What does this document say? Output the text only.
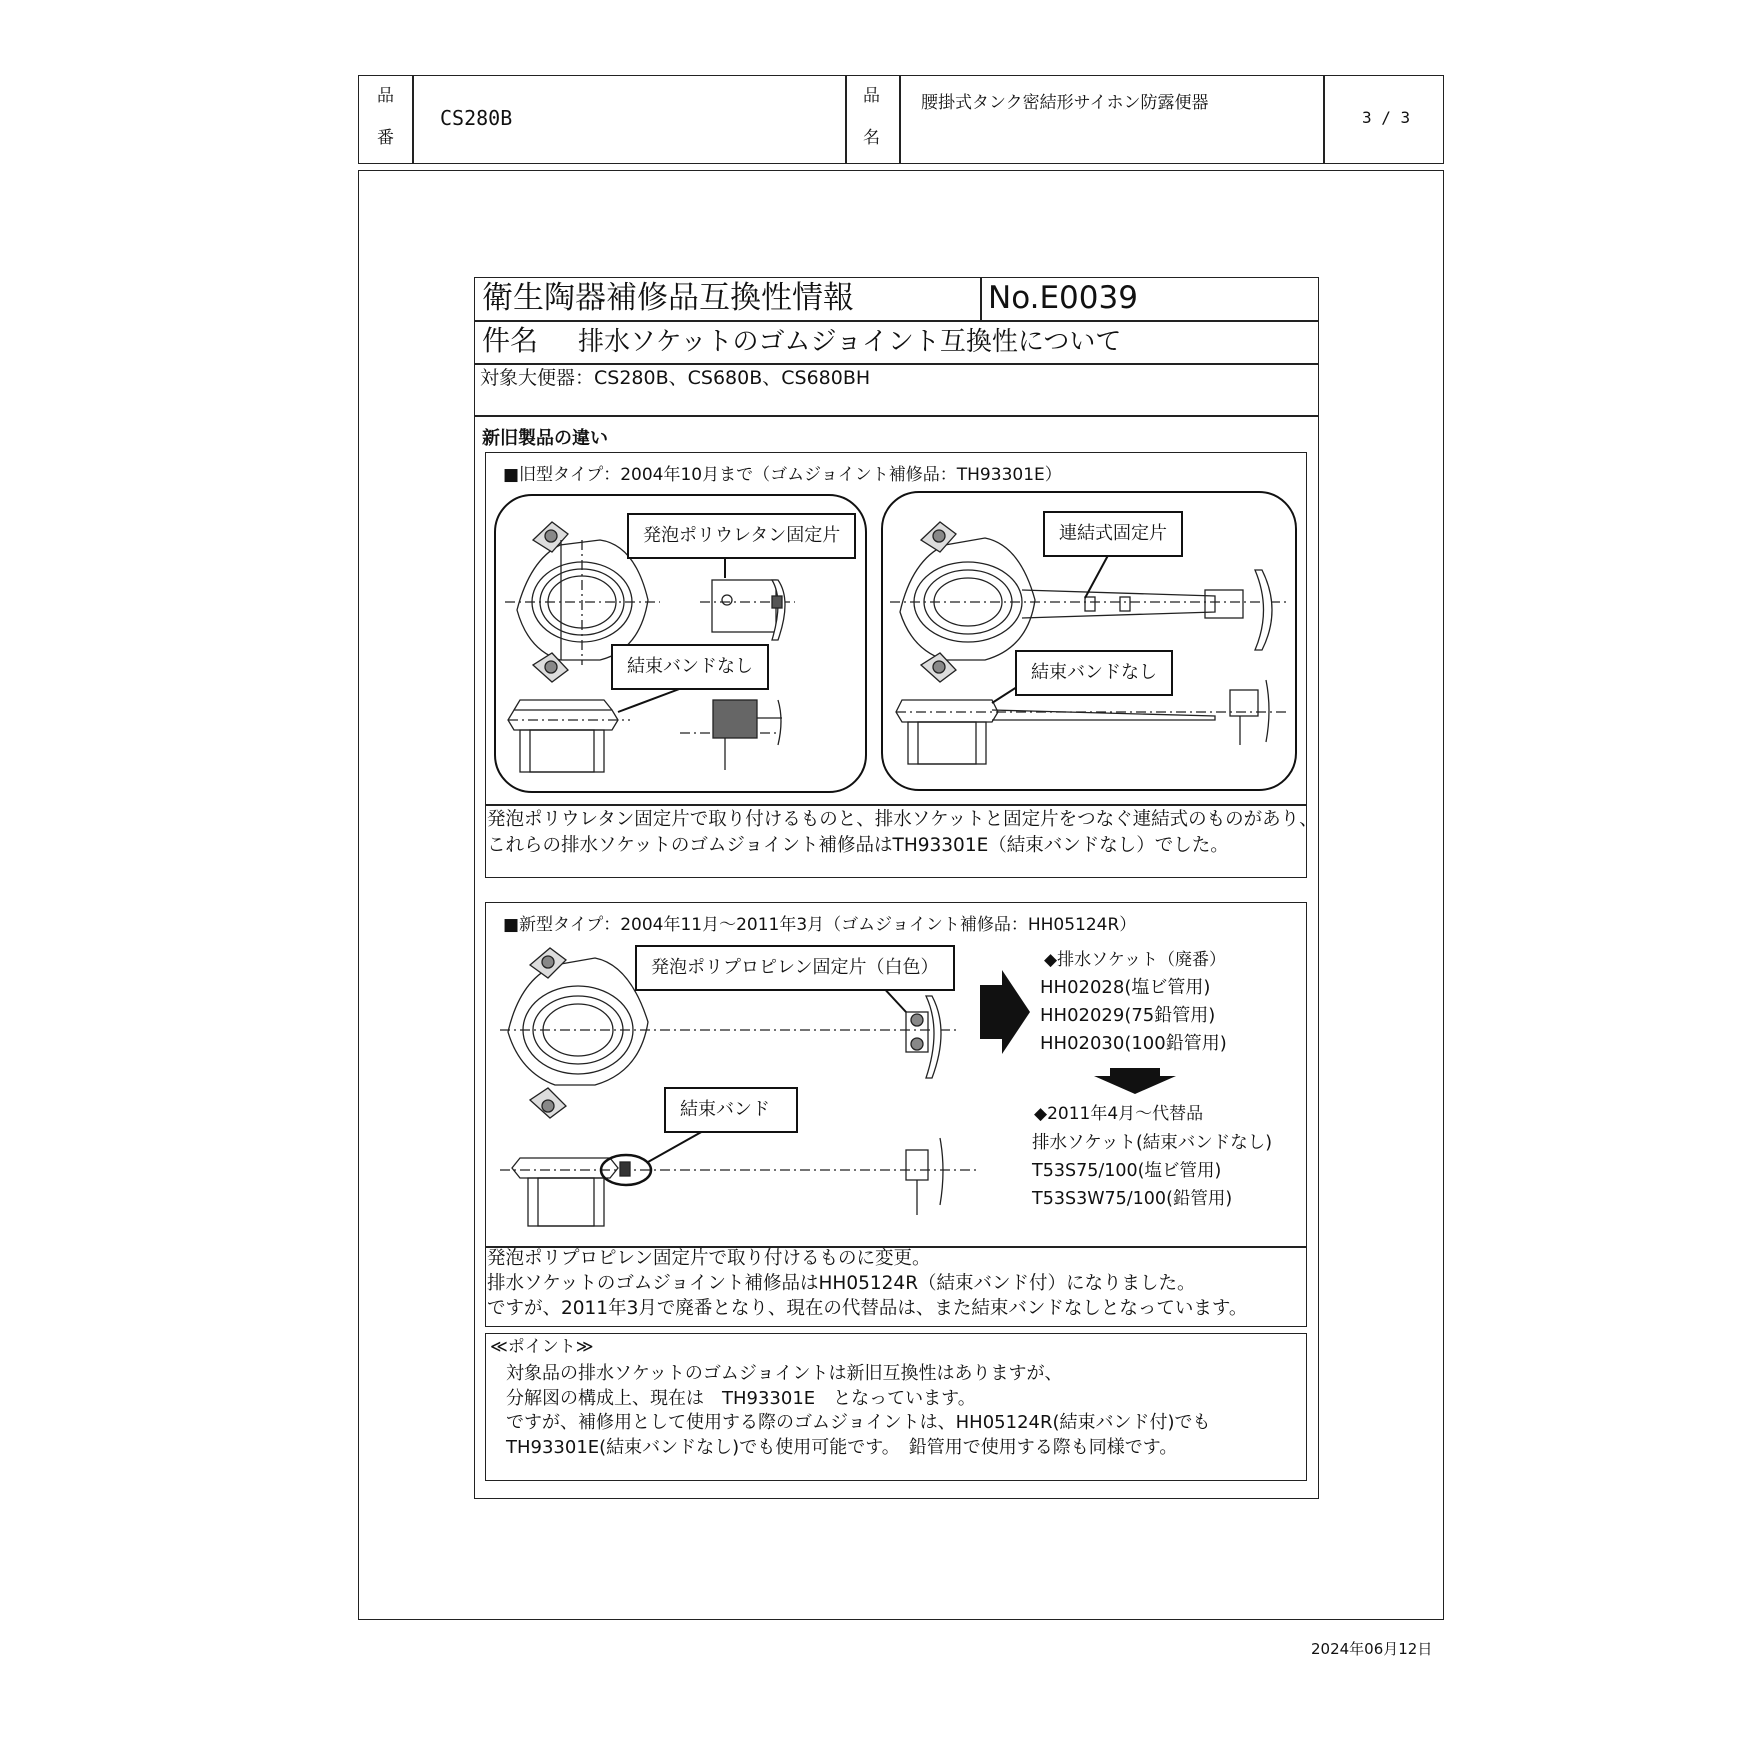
品
番
CS280B
品
名
腰掛式タンク密結形サイホン防露便器
3 / 3
衛生陶器補修品互換性情報	No.E0039
件名 排水ソケットのゴムジョイント互換性について
対象大便器：CS280B、CS680B、CS680BH
新旧製品の違い
■旧型タイプ：2004年10月まで（ゴムジョイント補修品：TH93301E）
発泡ポリウレタン固定片
結束バンドなし
連結式固定片
結束バンドなし
発泡ポリウレタン固定片で取り付けるものと、排水ソケットと固定片をつなぐ連結式のものがあり、
これらの排水ソケットのゴムジョイント補修品はTH93301E（結束バンドなし）でした。
■新型タイプ：2004年11月～2011年3月（ゴムジョイント補修品：HH05124R）
発泡ポリプロピレン固定片（白色）
結束バンド
◆排水ソケット（廃番）
HH02028(塩ビ管用)
HH02029(75鉛管用)
HH02030(100鉛管用)
◆2011年4月～代替品
排水ソケット(結束バンドなし)
T53S75/100(塩ビ管用)
T53S3W75/100(鉛管用)
発泡ポリプロピレン固定片で取り付けるものに変更。
排水ソケットのゴムジョイント補修品はHH05124R（結束バンド付）になりました。
ですが、2011年3月で廃番となり、現在の代替品は、また結束バンドなしとなっています。
≪ポイント≫
対象品の排水ソケットのゴムジョイントは新旧互換性はありますが、
分解図の構成上、現在は　TH93301E　となっています。
ですが、補修用として使用する際のゴムジョイントは、HH05124R(結束バンド付)でも
TH93301E(結束バンドなし)でも使用可能です。　鉛管用で使用する際も同様です。
2024年06月12日
